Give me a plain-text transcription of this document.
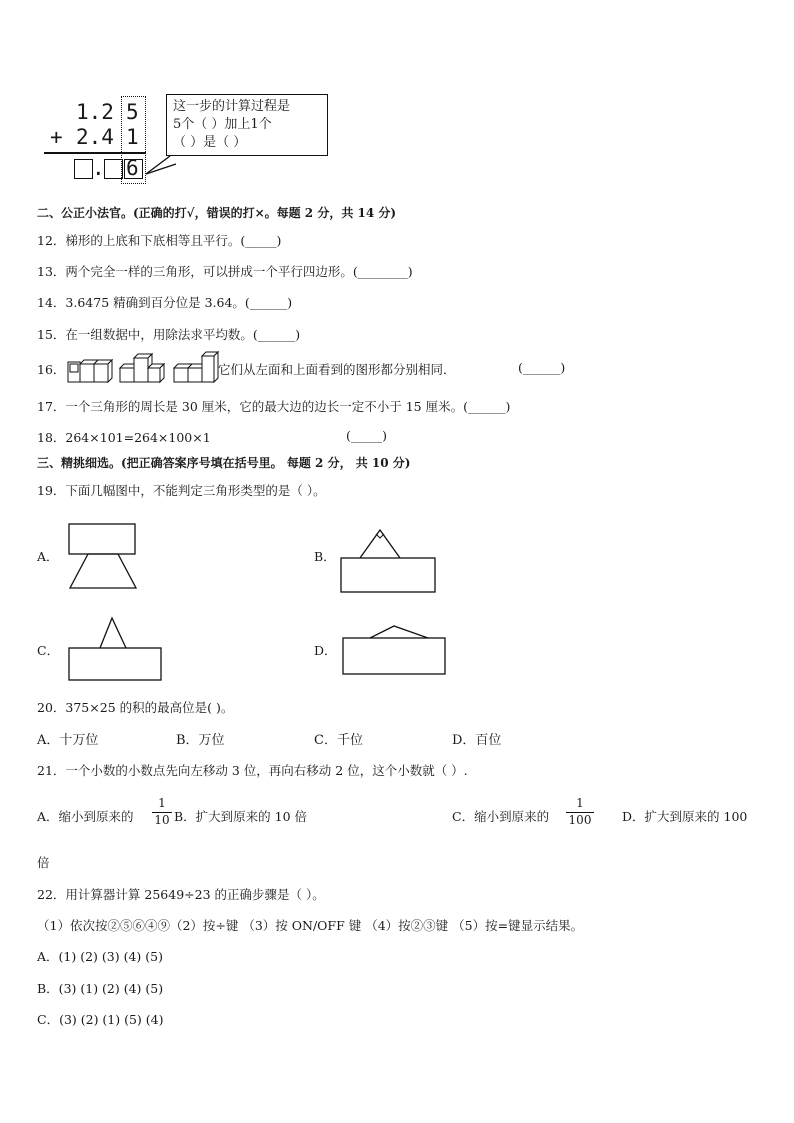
1.2 5
+ 2.4 1
. 6
这一步的计算过程是
5个（ ）加上1个
（ ）是（ ）
二、公正小法官。(正确的打√，错误的打×。每题 2 分，共 14 分)
12．梯形的上底和下底相等且平行。(_____)
13．两个完全一样的三角形，可以拼成一个平行四边形。(________)
14．3.6475 精确到百分位是 3.64。(______)
15．在一组数据中，用除法求平均数。(______)
16．	它们从左面和上面看到的图形都分别相同．	(______)
17．一个三角形的周长是 30 厘米，它的最大边的边长一定不小于 15 厘米。(______)
18．264×101=264×100×1	(_____)
三、精挑细选。(把正确答案序号填在括号里。 每题 2 分， 共 10 分)
19．下面几幅图中，不能判定三角形类型的是（ ）。
A．	B．
C．	D．
20．375×25 的积的最高位是( )。
A．十万位	B．万位	C．千位	D．百位
21．一个小数的小数点先向左移动 3 位，再向右移动 2 位，这个小数就（ ）.
A．缩小到原来的 $\frac{1}{10}$ B．扩大到原来的 10 倍	C．缩小到原来的 $\frac{1}{100}$ D．扩大到原来的 100
倍
22．用计算器计算 25649÷23 的正确步骤是（ ）。
（1）依次按②⑤⑥④⑨（2）按÷键 （3）按 ON/OFF 键 （4）按②③键 （5）按=键显示结果。
A．(1) (2) (3) (4) (5)
B．(3) (1) (2) (4) (5)
C．(3) (2) (1) (5) (4)
